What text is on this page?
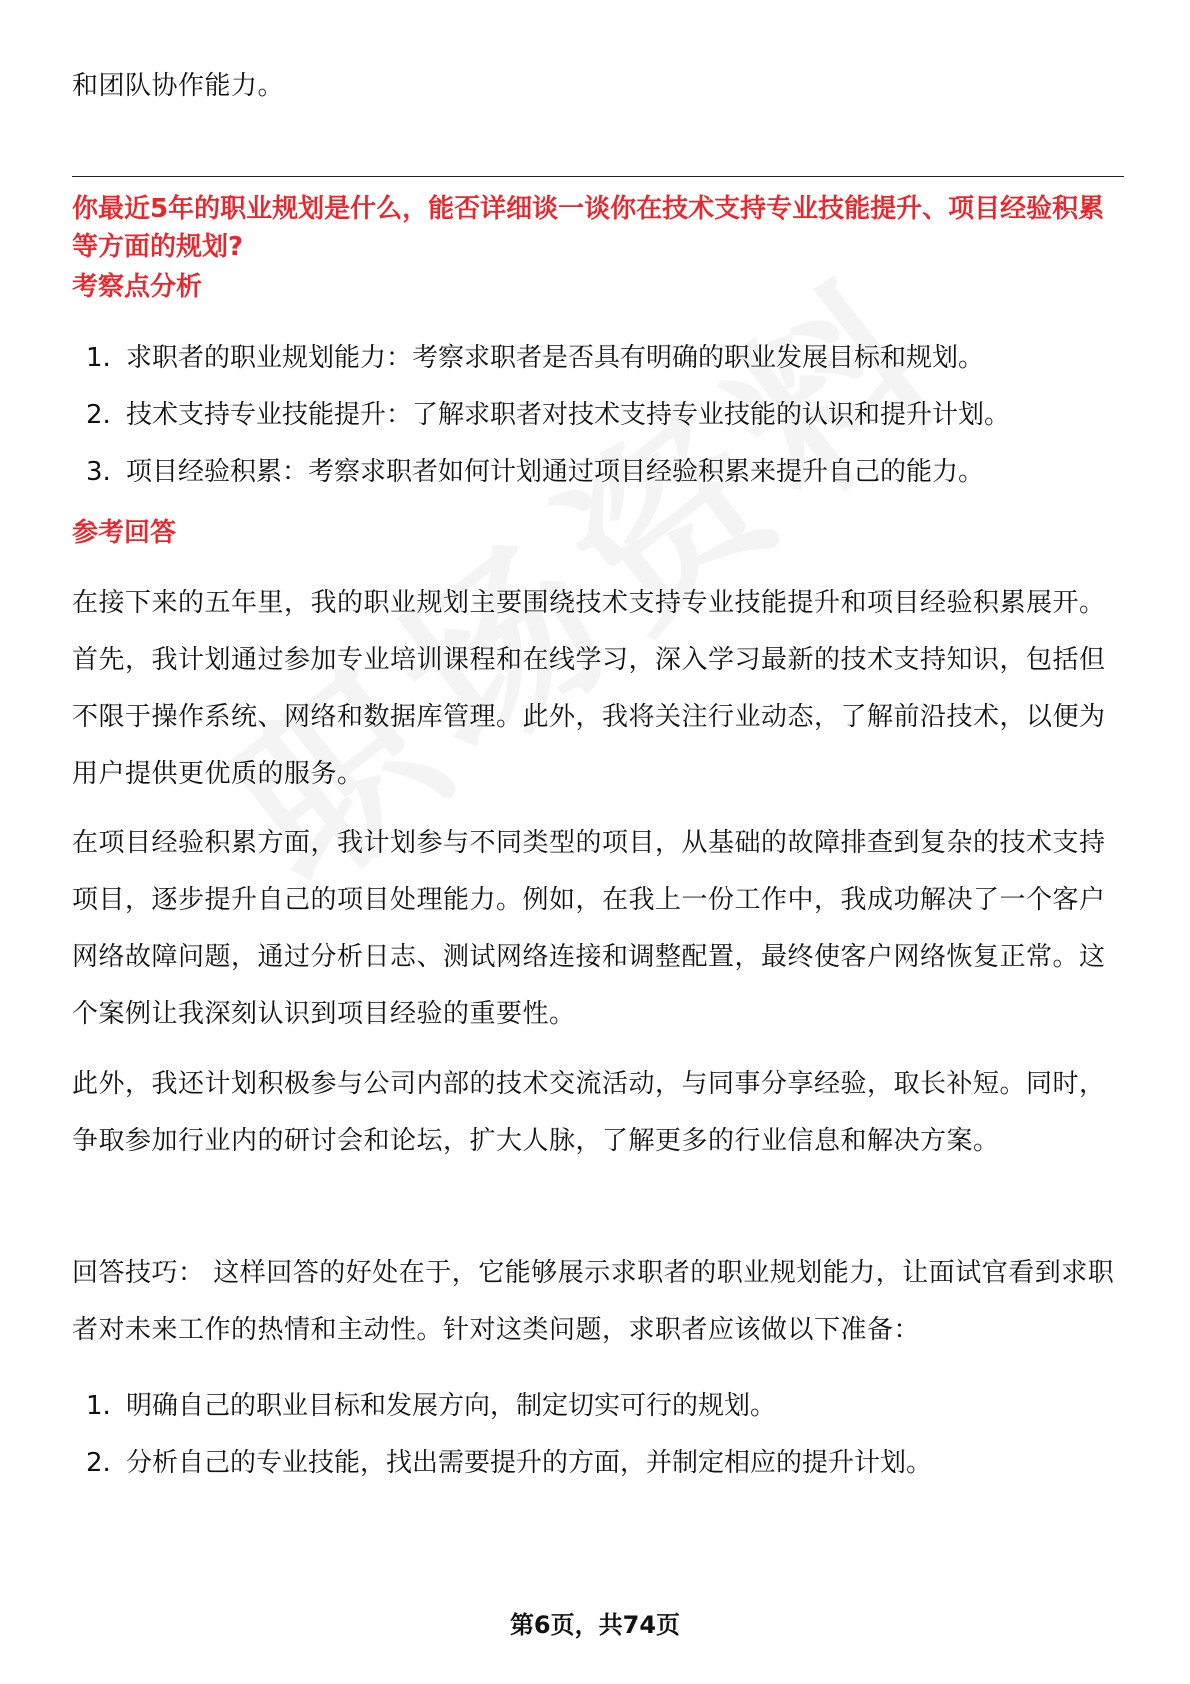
和团队协作能力。
你最近5年的职业规划是什么，能否详细谈一谈你在技术支持专业技能提升、项目经验积累等方面的规划?
考察点分析
1. 求职者的职业规划能力：考察求职者是否具有明确的职业发展目标和规划。
2. 技术支持专业技能提升：了解求职者对技术支持专业技能的认识和提升计划。
3. 项目经验积累：考察求职者如何计划通过项目经验积累来提升自己的能力。
参考回答
在接下来的五年里，我的职业规划主要围绕技术支持专业技能提升和项目经验积累展开。首先，我计划通过参加专业培训课程和在线学习，深入学习最新的技术支持知识，包括但不限于操作系统、网络和数据库管理。此外，我将关注行业动态，了解前沿技术，以便为用户提供更优质的服务。
在项目经验积累方面，我计划参与不同类型的项目，从基础的故障排查到复杂的技术支持项目，逐步提升自己的项目处理能力。例如，在我上一份工作中，我成功解决了一个客户网络故障问题，通过分析日志、测试网络连接和调整配置，最终使客户网络恢复正常。这个案例让我深刻认识到项目经验的重要性。
此外，我还计划积极参与公司内部的技术交流活动，与同事分享经验，取长补短。同时，争取参加行业内的研讨会和论坛，扩大人脉，了解更多的行业信息和解决方案。
回答技巧： 这样回答的好处在于，它能够展示求职者的职业规划能力，让面试官看到求职者对未来工作的热情和主动性。针对这类问题，求职者应该做以下准备：
1. 明确自己的职业目标和发展方向，制定切实可行的规划。
2. 分析自己的专业技能，找出需要提升的方面，并制定相应的提升计划。
第6页，共74页
